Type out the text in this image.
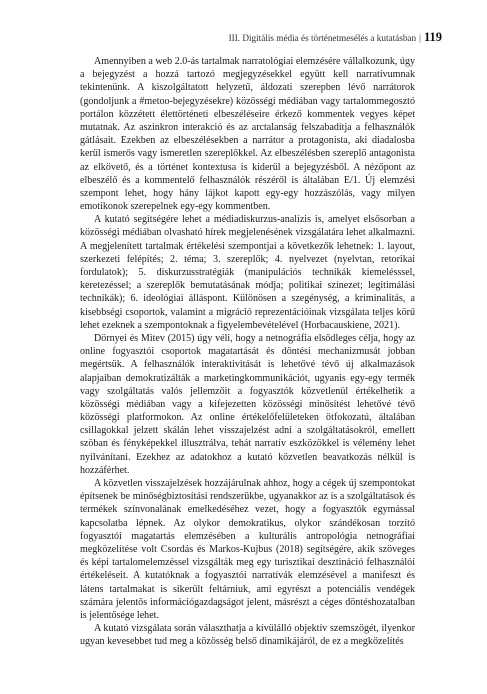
III. Digitális média és történetmesélés a kutatásban | 119

Amennyiben a web 2.0-ás tartalmak narratológiai elemzésére vállalkozunk, úgy a bejegyzést a hozzá tartozó megjegyzésekkel együtt kell narratívumnak tekintenünk. A kiszolgáltatott helyzetű, áldozati szerepben lévő narrátorok (gondoljunk a #metoo-bejegyzésekre) közösségi médiában vagy tartalommegosztó portálon közzétett élettörténeti elbeszéléseire érkező kommentek vegyes képet mutatnak. Az aszinkron interakció és az arctalanság felszabadítja a felhasználók gátlásait. Ezekben az elbeszélésekben a narrátor a protagonista, aki diadalosba kerül ismerős vagy ismeretlen szereplőkkel. Az elbeszélésben szereplő antagonista az elkövető, és a történet kontextusa is kiderül a bejegyzésből. A nézőpont az elbeszélő és a kommentelő felhasználók részéről is általában E/1. Új elemzési szempont lehet, hogy hány lájkot kapott egy-egy hozzászólás, vagy milyen emotikonok szerepelnek egy-egy kommentben.

A kutató segítségére lehet a médiadiskurzus-analízis is, amelyet elsősorban a közösségi médiában olvasható hírek megjelenésének vizsgálatára lehet alkalmazni. A megjelenített tartalmak értékelési szempontjai a következők lehetnek: 1. layout, szerkezeti felépítés; 2. téma; 3. szereplők; 4. nyelvezet (nyelvtan, retorikai fordulatok); 5. diskurzusstratégiák (manipulációs technikák kiemelésssel, keretezéssel; a szereplők bemutatásának módja; politikai színezet; legitimálási technikák); 6. ideológiai álláspont. Különösen a szegénység, a kriminalitás, a kisebbségi csoportok, valamint a migráció reprezentációinak vizsgálata teljes körű lehet ezeknek a szempontoknak a figyelembevételével (Horbacauskiene, 2021).

Dörnyei és Mitev (2015) úgy véli, hogy a netnográfia elsődleges célja, hogy az online fogyasztói csoportok magatartását és döntési mechanizmusát jobban megértsük. A felhasználók interaktivitását is lehetővé tévő új alkalmazások alapjaiban demokratizálták a marketingkommunikációt, ugyanis egy-egy termék vagy szolgáltatás valós jellemzőit a fogyasztók közvetlenül értékelhetik a közösségi médiában vagy a kifejezetten közösségi minősítést lehetővé tévő közösségi platformokon. Az online értékelőfelületeken ötfokozatú, általában csillagokkal jelzett skálán lehet visszajelzést adni a szolgáltatásokról, emellett szöban és fényképekkel illusztrálva, tehát narratív eszközökkel is vélemény lehet nyilvánítani. Ezekhez az adatokhoz a kutató közvetlen beavatkozás nélkül is hozzáférhet.

A közvetlen visszajelzések hozzájárulnak ahhoz, hogy a cégek új szempontokat építsenek be minőségbiztosítási rendszerükbe, ugyanakkor az is a szolgáltatások és termékek színvonalának emelkedéséhez vezet, hogy a fogyasztók egymással kapcsolatba lépnek. Az olykor demokratikus, olykor szándékosan torzító fogyasztói magatartás elemzésében a kulturális antropológia netnográfiai megközelítése volt Csordás és Markos-Kujbus (2018) segítségére, akik szöveges és képi tartalomelemzéssel vizsgálták meg egy turisztikai desztináció felhasználói értékeléseit. A kutatóknak a fogyasztói narratívák elemzésével a manifeszt és látens tartalmakat is sikerült feltárniuk, ami egyrészt a potenciális vendégek számára jelentős információgazdagságot jelent, másrészt a céges döntéshozatalban is jelentősége lehet.

A kutató vizsgálata során választhatja a kívülálló objektív szemszögét, ilyenkor ugyan kevesebbet tud meg a közösség belső dinamikájáról, de ez a megközelítés
